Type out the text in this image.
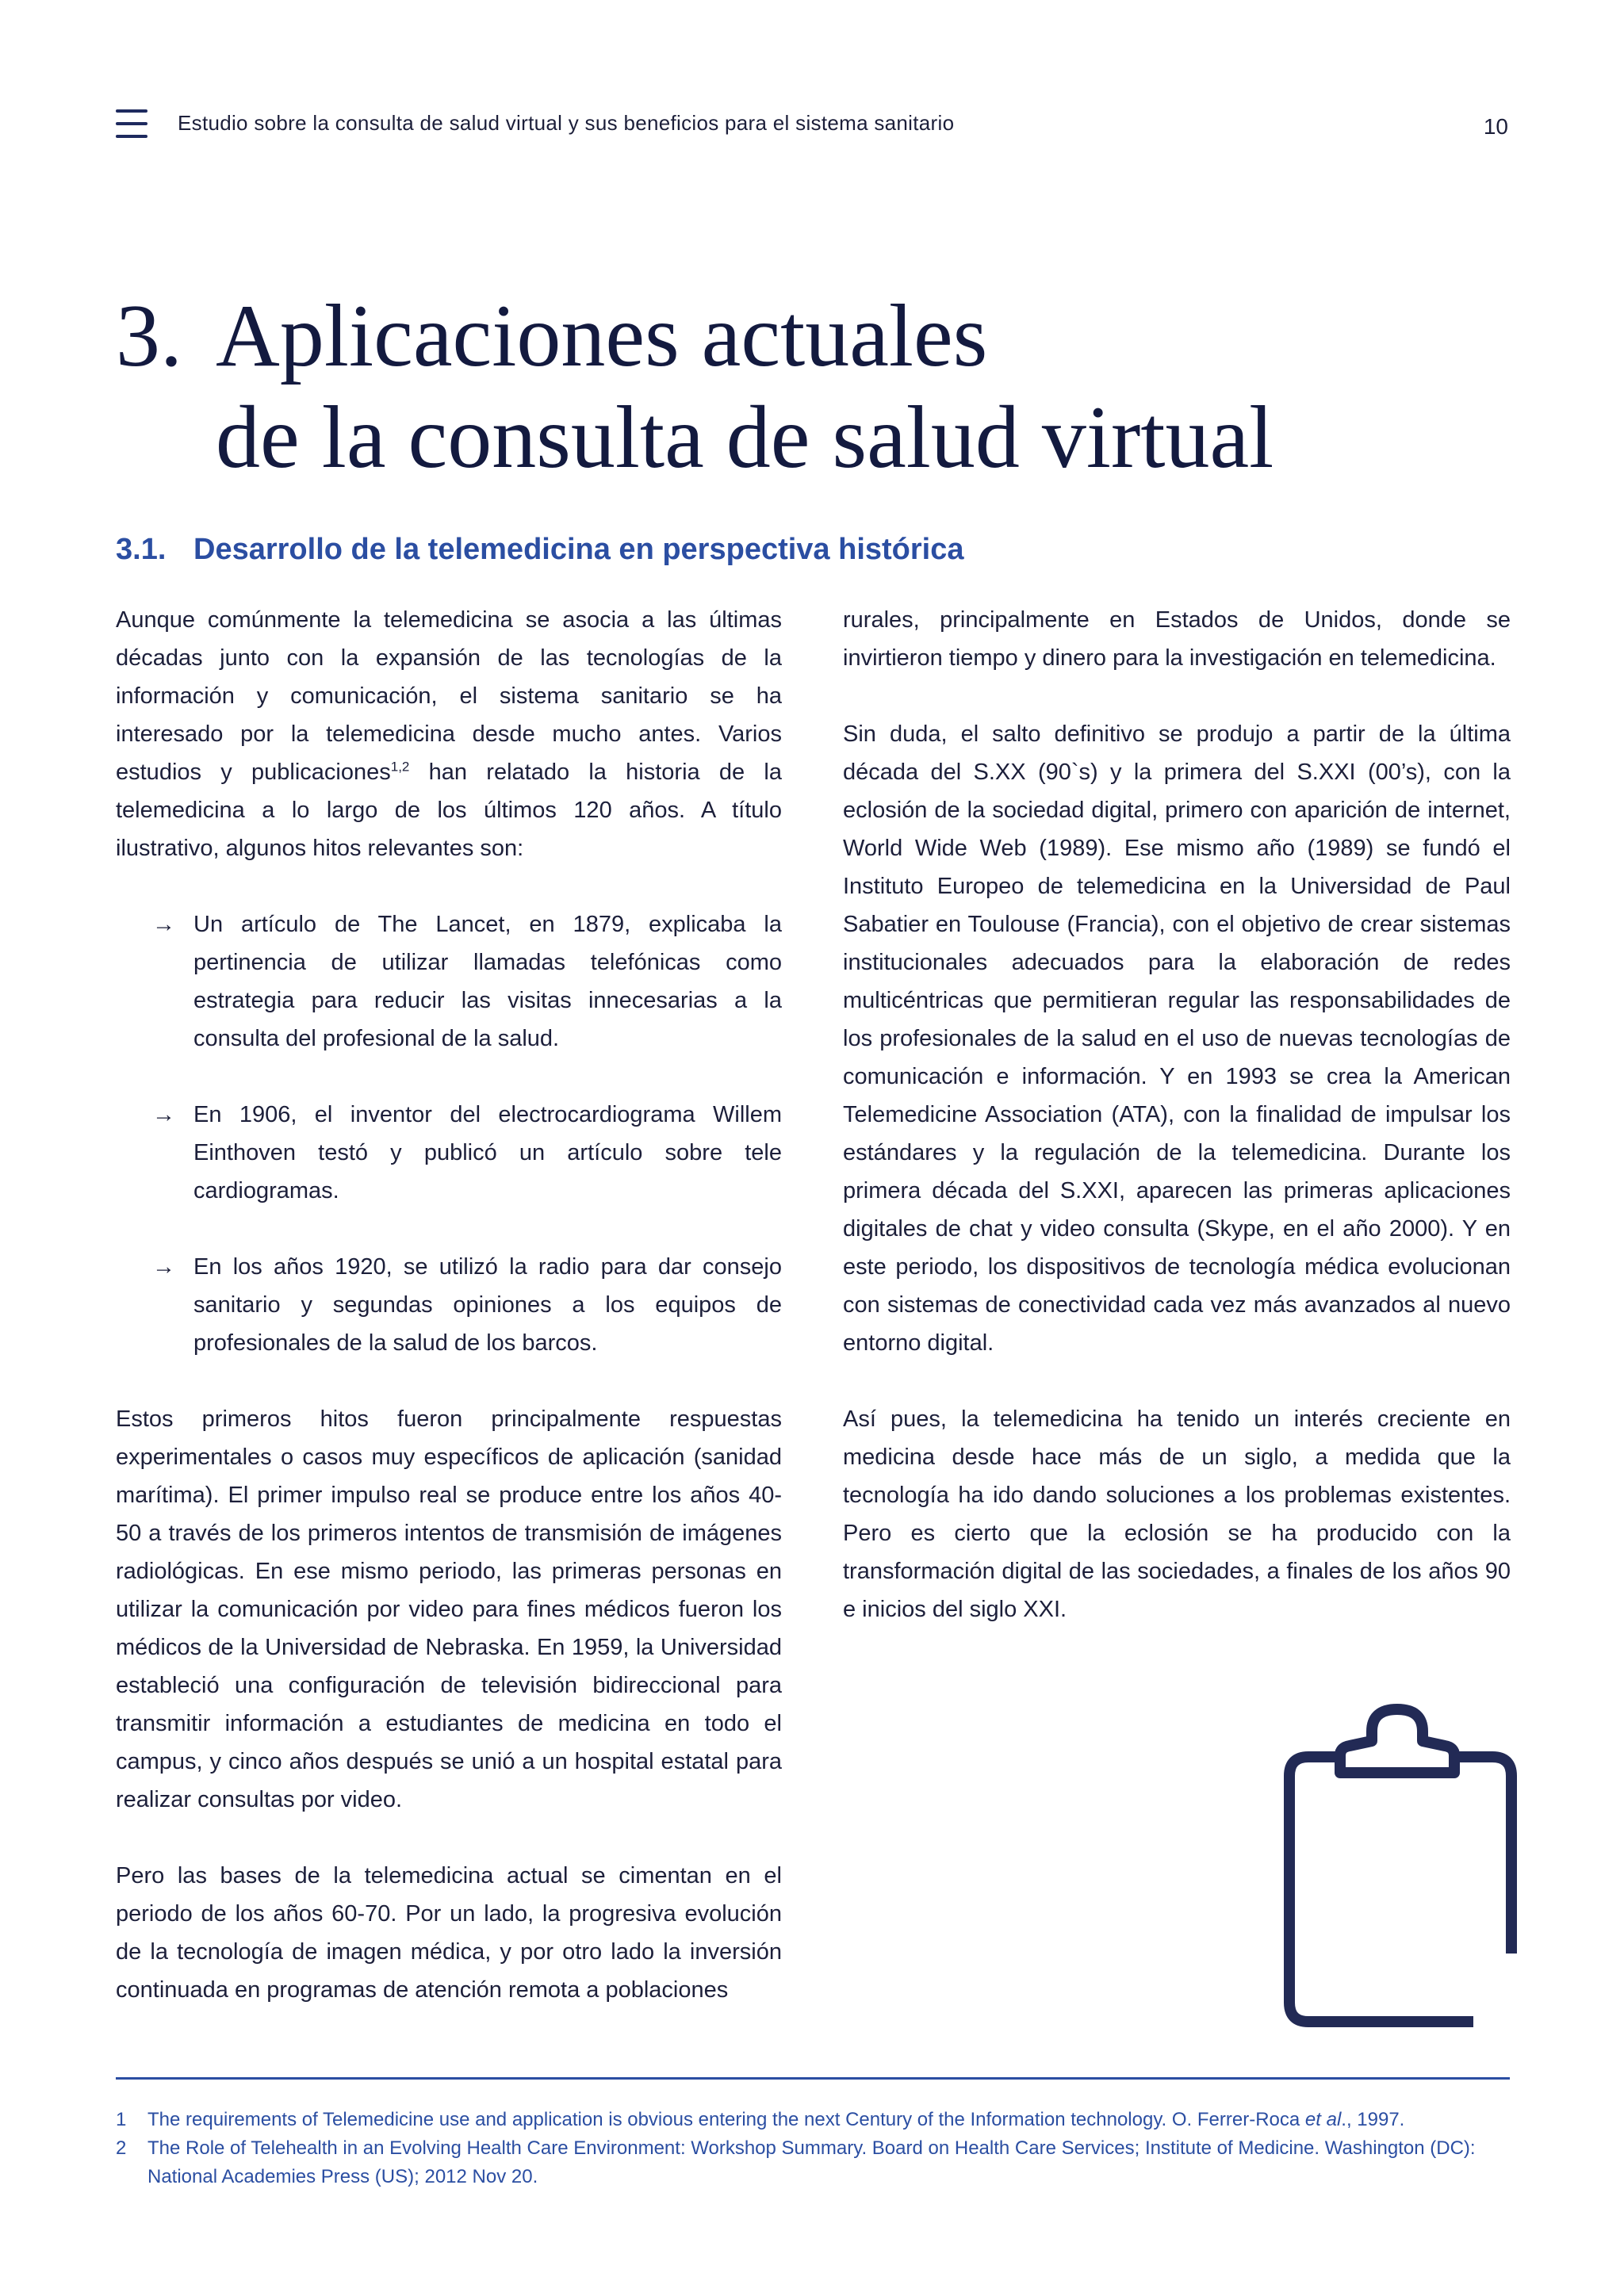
Estudio sobre la consulta de salud virtual y sus beneficios para el sistema sanitario	10
3. Aplicaciones actuales
de la consulta de salud virtual
3.1. Desarrollo de la telemedicina en perspectiva histórica

Aunque comúnmente la telemedicina se asocia a las últimas décadas junto con la expansión de las tecnologías de la información y comunicación, el sistema sanitario se ha interesado por la telemedicina desde mucho antes. Varios estudios y publicaciones$^{1,2}$ han relatado la historia de la telemedicina a lo largo de los últimos 120 años. A título ilustrativo, algunos hitos relevantes son:

→ Un artículo de The Lancet, en 1879, explicaba la pertinencia de utilizar llamadas telefónicas como estrategia para reducir las visitas innecesarias a la consulta del profesional de la salud.
→ En 1906, el inventor del electrocardiograma Willem Einthoven testó y publicó un artículo sobre tele cardiogramas.
→ En los años 1920, se utilizó la radio para dar consejo sanitario y segundas opiniones a los equipos de profesionales de la salud de los barcos.

Estos primeros hitos fueron principalmente respuestas experimentales o casos muy específicos de aplicación (sanidad marítima). El primer impulso real se produce entre los años 40-50 a través de los primeros intentos de transmisión de imágenes radiológicas. En ese mismo periodo, las primeras personas en utilizar la comunicación por video para fines médicos fueron los médicos de la Universidad de Nebraska. En 1959, la Universidad estableció una configuración de televisión bidireccional para transmitir información a estudiantes de medicina en todo el campus, y cinco años después se unió a un hospital estatal para realizar consultas por video.

Pero las bases de la telemedicina actual se cimentan en el periodo de los años 60-70. Por un lado, la progresiva evolución de la tecnología de imagen médica, y por otro lado la inversión continuada en programas de atención remota a poblaciones

rurales, principalmente en Estados de Unidos, donde se invirtieron tiempo y dinero para la investigación en telemedicina.

Sin duda, el salto definitivo se produjo a partir de la última década del S.XX (90`s) y la primera del S.XXI (00’s), con la eclosión de la sociedad digital, primero con aparición de internet, World Wide Web (1989). Ese mismo año (1989) se fundó el Instituto Europeo de telemedicina en la Universidad de Paul Sabatier en Toulouse (Francia), con el objetivo de crear sistemas institucionales adecuados para la elaboración de redes multicéntricas que permitieran regular las responsabilidades de los profesionales de la salud en el uso de nuevas tecnologías de comunicación e información. Y en 1993 se crea la American Telemedicine Association (ATA), con la finalidad de impulsar los estándares y la regulación de la telemedicina. Durante los primera década del S.XXI, aparecen las primeras aplicaciones digitales de chat y video consulta (Skype, en el año 2000). Y en este periodo, los dispositivos de tecnología médica evolucionan con sistemas de conectividad cada vez más avanzados al nuevo entorno digital.

Así pues, la telemedicina ha tenido un interés creciente en medicina desde hace más de un siglo, a medida que la tecnología ha ido dando soluciones a los problemas existentes. Pero es cierto que la eclosión se ha producido con la transformación digital de las sociedades, a finales de los años 90 e inicios del siglo XXI.

1 The requirements of Telemedicine use and application is obvious entering the next Century of the Information technology. O. Ferrer-Roca et al., 1997.
2 The Role of Telehealth in an Evolving Health Care Environment: Workshop Summary. Board on Health Care Services; Institute of Medicine. Washington (DC): National Academies Press (US); 2012 Nov 20.
